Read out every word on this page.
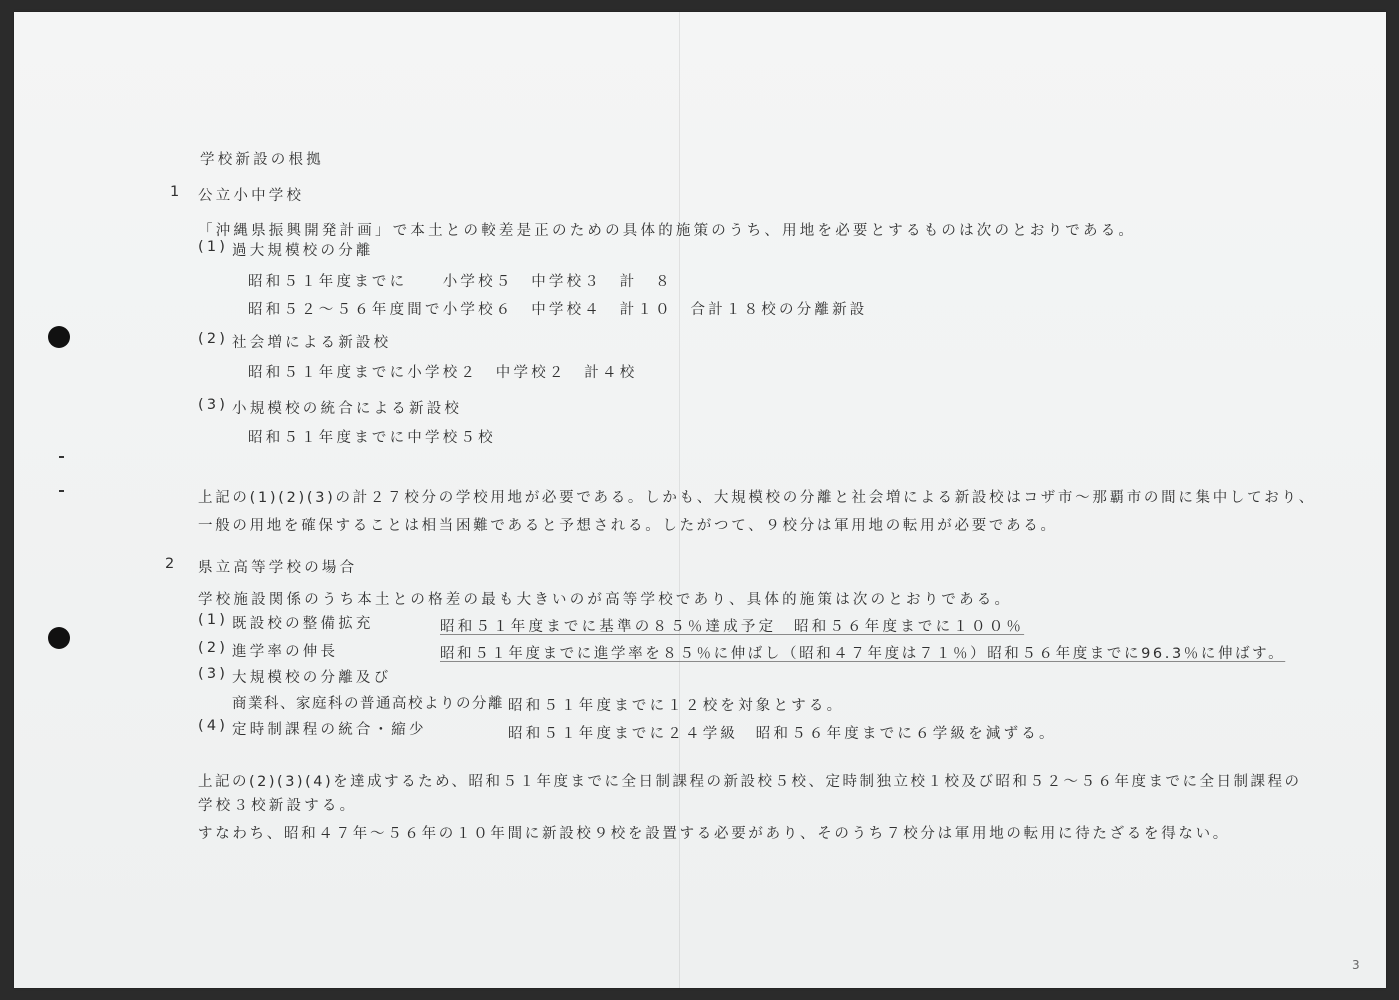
学校新設の根拠
1 公立小中学校
「沖縄県振興開発計画」で本土との較差是正のための具体的施策のうち、用地を必要とするものは次のとおりである。
(1) 過大規模校の分離
昭和５１年度までに　　小学校５　中学校３　計　８
昭和５２～５６年度間で小学校６　中学校４　計１０　合計１８校の分離新設
(2) 社会増による新設校
昭和５１年度までに小学校２　中学校２　計４校
(3) 小規模校の統合による新設校
昭和５１年度までに中学校５校
上記の(1)(2)(3)の計２７校分の学校用地が必要である。しかも、大規模校の分離と社会増による新設校はコザ市～那覇市の間に集中しており、
一般の用地を確保することは相当困難であると予想される。したがつて、９校分は軍用地の転用が必要である。
2 県立高等学校の場合
学校施設関係のうち本土との格差の最も大きいのが高等学校であり、具体的施策は次のとおりである。
(1) 既設校の整備拡充	昭和５１年度までに基準の８５％達成予定　昭和５６年度までに１００％
(2) 進学率の伸長	昭和５１年度までに進学率を８５％に伸ばし（昭和４７年度は７１％）昭和５６年度までに96.3％に伸ばす。
(3) 大規模校の分離及び
商業科、家庭科の普通高校よりの分離 昭和５１年度までに１２校を対象とする。
(4) 定時制課程の統合・縮少	昭和５１年度までに２４学級　昭和５６年度までに６学級を減ずる。
上記の(2)(3)(4)を達成するため、昭和５１年度までに全日制課程の新設校５校、定時制独立校１校及び昭和５２～５６年度までに全日制課程の
学校３校新設する。
すなわち、昭和４７年～５６年の１０年間に新設校９校を設置する必要があり、そのうち７校分は軍用地の転用に待たざるを得ない。
3
